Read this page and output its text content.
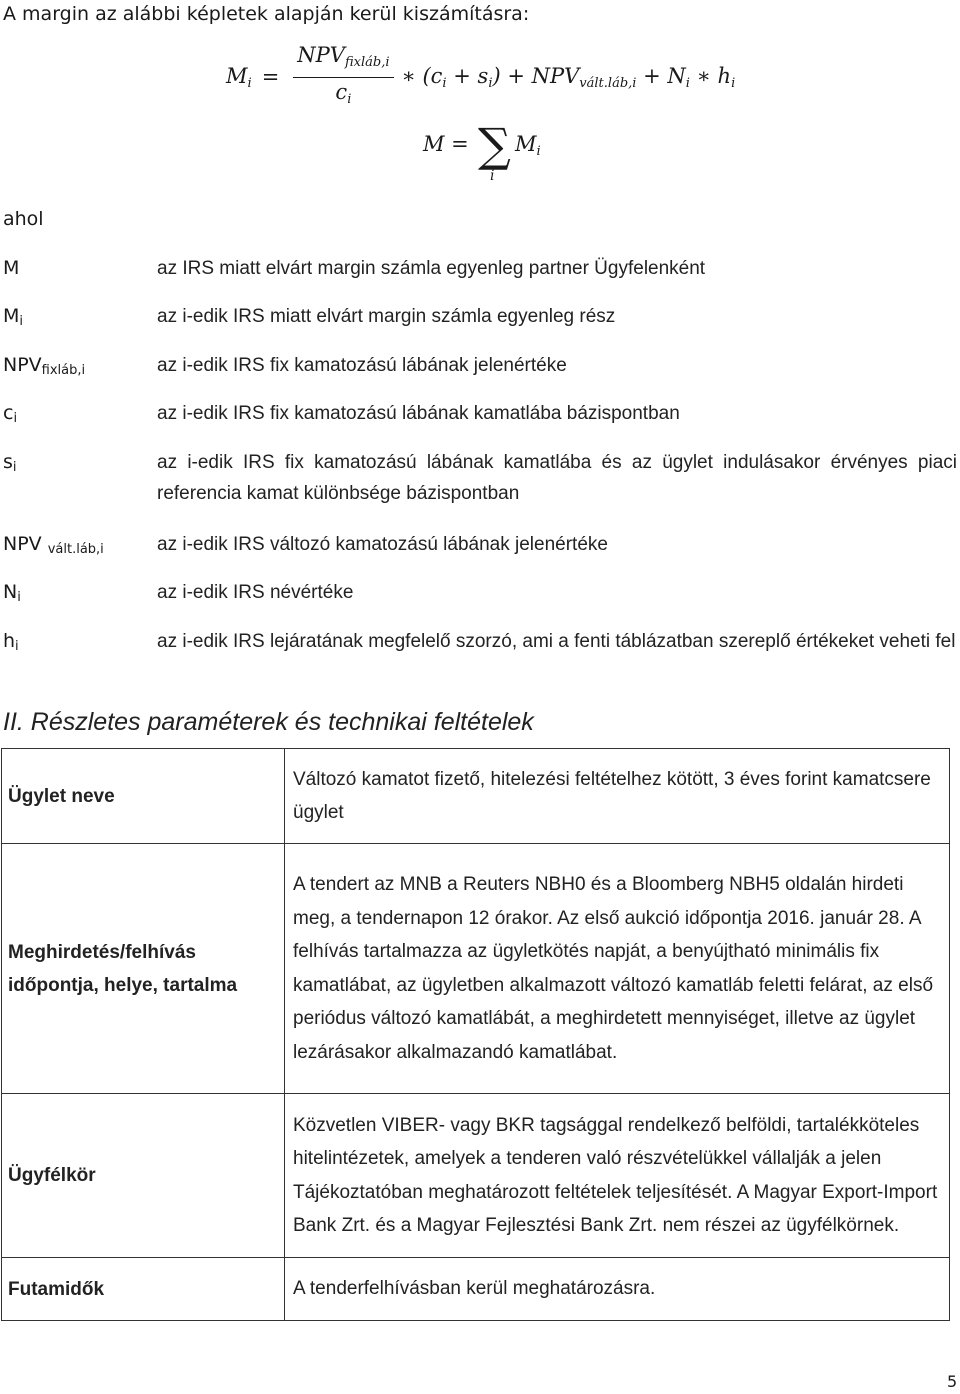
A margin az alábbi képletek alapján kerül kiszámításra:
$M_i = \frac{NPV_{fixláb,i}}{c_i}$ ∗ $(c_i + s_i) + NPV_{vált.láb,i} + N_i$ ∗ $h_i$
M = ∑
i
$M_i$
ahol
M	az IRS miatt elvárt margin számla egyenleg partner Ügyfelenként
$M_i$	az i-edik IRS miatt elvárt margin számla egyenleg rész
$NPV_{fixláb,i}$	az i-edik IRS fix kamatozású lábának jelenértéke
$c_i$	az i-edik IRS fix kamatozású lábának kamatlába bázispontban
$s_i$	az i-edik IRS fix kamatozású lábának kamatlába és az ügylet indulásakor érvényes piaci referencia kamat különbsége bázispontban
NPV $_{vált.láb,i}$	az i-edik IRS változó kamatozású lábának jelenértéke
$N_i$	az i-edik IRS névértéke
$h_i$	az i-edik IRS lejáratának megfelelő szorzó, ami a fenti táblázatban szereplő értékeket veheti fel
II. Részletes paraméterek és technikai feltételek
Ügylet neve	Változó kamatot fizető, hitelezési feltételhez kötött, 3 éves forint kamatcsere ügylet
Meghirdetés/felhívás időpontja, helye, tartalma	A tendert az MNB a Reuters NBH0 és a Bloomberg NBH5 oldalán hirdeti meg, a tendernapon 12 órakor. Az első aukció időpontja 2016. január 28. A felhívás tartalmazza az ügyletkötés napját, a benyújtható minimális fix kamatlábat, az ügyletben alkalmazott változó kamatláb feletti felárat, az első periódus változó kamatlábát, a meghirdetett mennyiséget, illetve az ügylet lezárásakor alkalmazandó kamatlábat.
Ügyfélkör	Közvetlen VIBER- vagy BKR tagsággal rendelkező belföldi, tartalékköteles hitelintézetek, amelyek a tenderen való részvételükkel vállalják a jelen Tájékoztatóban meghatározott feltételek teljesítését. A Magyar Export-Import Bank Zrt. és a Magyar Fejlesztési Bank Zrt. nem részei az ügyfélkörnek.
Futamidők	A tenderfelhívásban kerül meghatározásra.
5
